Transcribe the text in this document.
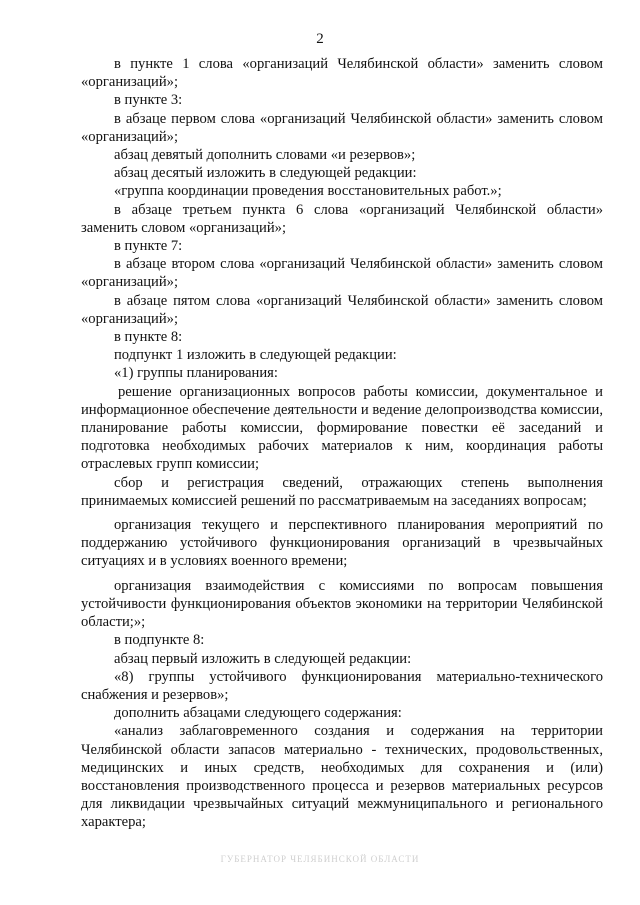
2

в пункте 1 слова «организаций Челябинской области» заменить словом «организаций»;

в пункте 3:

в абзаце первом слова «организаций Челябинской области» заменить словом «организаций»;

абзац девятый дополнить словами «и резервов»;

абзац десятый изложить в следующей редакции:

«группа координации проведения восстановительных работ.»;

в абзаце третьем пункта 6 слова «организаций Челябинской области» заменить словом «организаций»;

в пункте 7:

в абзаце втором слова «организаций Челябинской области» заменить словом «организаций»;

в абзаце пятом слова «организаций Челябинской области» заменить словом «организаций»;

в пункте 8:

подпункт 1 изложить в следующей редакции:

«1) группы планирования:

решение организационных вопросов работы комиссии, документальное и информационное обеспечение деятельности и ведение делопроизводства комиссии, планирование работы комиссии, формирование повестки её заседаний и подготовка необходимых рабочих материалов к ним, координация работы отраслевых групп комиссии;

сбор и регистрация сведений, отражающих степень выполнения принимаемых комиссией решений по рассматриваемым на заседаниях вопросам;

организация текущего и перспективного планирования мероприятий по поддержанию устойчивого функционирования организаций в чрезвычайных ситуациях и в условиях военного времени;

организация взаимодействия с комиссиями по вопросам повышения устойчивости функционирования объектов экономики на территории Челябинской области;»;

в подпункте 8:

абзац первый изложить в следующей редакции:

«8) группы устойчивого функционирования материально-технического снабжения и резервов»;

дополнить абзацами следующего содержания:

«анализ заблаговременного создания и содержания на территории Челябинской области запасов материально - технических, продовольственных, медицинских и иных средств, необходимых для сохранения и (или) восстановления производственного процесса и резервов материальных ресурсов для ликвидации чрезвычайных ситуаций межмуниципального и регионального характера;

ГУБЕРНАТОР ЧЕЛЯБИНСКОЙ ОБЛАСТИ
